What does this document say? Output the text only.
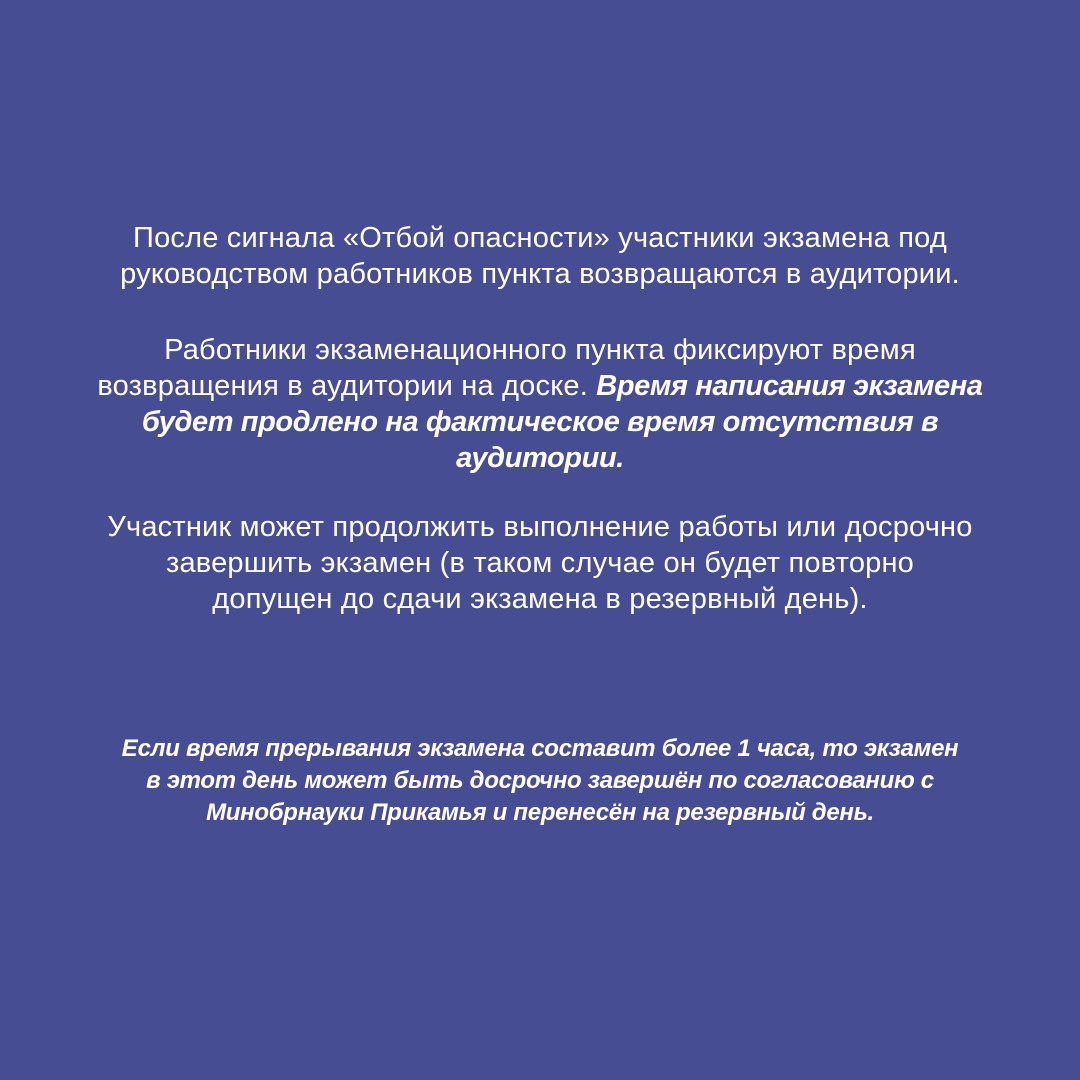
После сигнала «Отбой опасности» участники экзамена под
руководством работников пункта возвращаются в аудитории.
Работники экзаменационного пункта фиксируют время
возвращения в аудитории на доске. Время написания экзамена
будет продлено на фактическое время отсутствия в
аудитории.
Участник может продолжить выполнение работы или досрочно
завершить экзамен (в таком случае он будет повторно
допущен до сдачи экзамена в резервный день).
Если время прерывания экзамена составит более 1 часа, то экзамен
в этот день может быть досрочно завершён по согласованию с
Минобрнауки Прикамья и перенесён на резервный день.
